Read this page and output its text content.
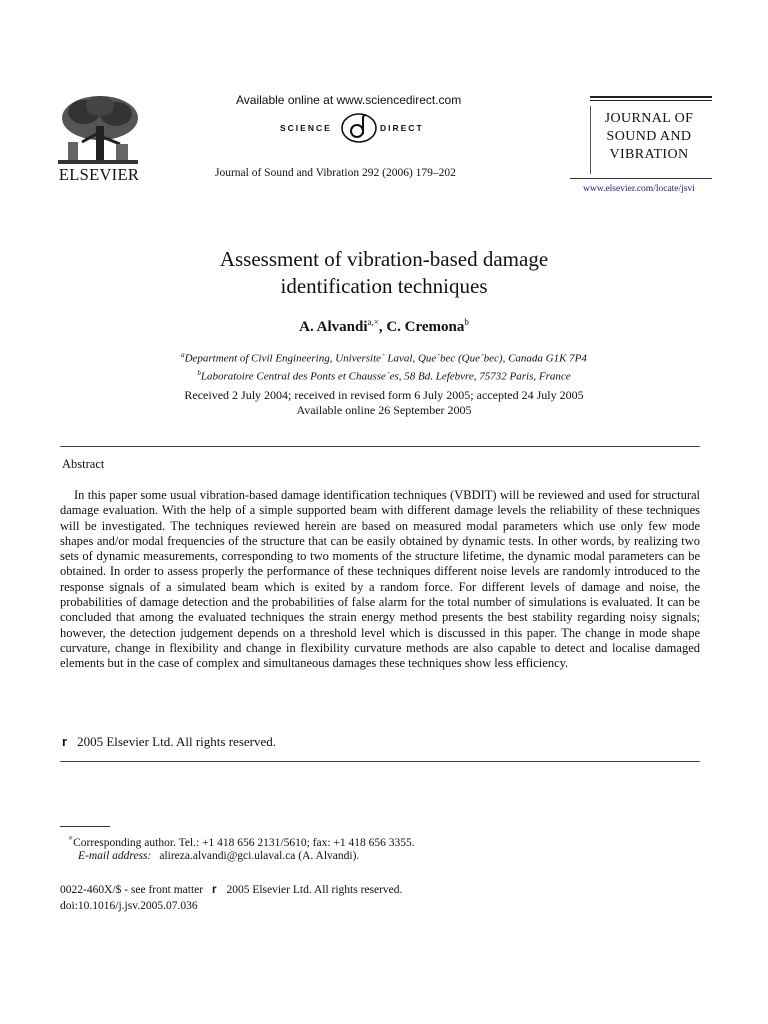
ELSEVIER
Available online at www.sciencedirect.com
SCIENCE	DIRECT
Journal of Sound and Vibration 292 (2006) 179–202
JOURNAL OF
SOUND AND
VIBRATION
www.elsevier.com/locate/jsvi
Assessment of vibration-based damage
identification techniques
A. Alvandi$^{a,\times}$, C. Cremona$^b$
$^a$Department of Civil Engineering, Universite´ Laval, Que´bec (Que´bec), Canada G1K 7P4
$^b$Laboratoire Central des Ponts et Chausse´es, 58 Bd. Lefebvre, 75732 Paris, France
Received 2 July 2004; received in revised form 6 July 2005; accepted 24 July 2005
Available online 26 September 2005
Abstract
In this paper some usual vibration-based damage identification techniques (VBDIT) will be reviewed and used for structural damage evaluation. With the help of a simple supported beam with different damage levels the reliability of these techniques will be investigated. The techniques reviewed herein are based on measured modal parameters which use only few mode shapes and/or modal frequencies of the structure that can be easily obtained by dynamic tests. In other words, by realizing two sets of dynamic measurements, corresponding to two moments of the structure lifetime, the dynamic modal parameters can be obtained. In order to assess properly the performance of these techniques different noise levels are randomly introduced to the response signals of a simulated beam which is exited by a random force. For different levels of damage and noise, the probabilities of damage detection and the probabilities of false alarm for the total number of simulations is evaluated. It can be concluded that among the evaluated techniques the strain energy method presents the best stability regarding noisy signals; however, the detection judgement depends on a threshold level which is discussed in this paper. The change in mode shape curvature, change in flexibility and change in flexibility curvature methods are also capable to detect and localise damaged elements but in the case of complex and simultaneous damages these techniques show less efficiency.
r 2005 Elsevier Ltd. All rights reserved.
×Corresponding author. Tel.: +1 418 656 2131/5610; fax: +1 418 656 3355.
E-mail address: alireza.alvandi@gci.ulaval.ca (A. Alvandi).
0022-460X/$ - see front matter r 2005 Elsevier Ltd. All rights reserved. doi:10.1016/j.jsv.2005.07.036
